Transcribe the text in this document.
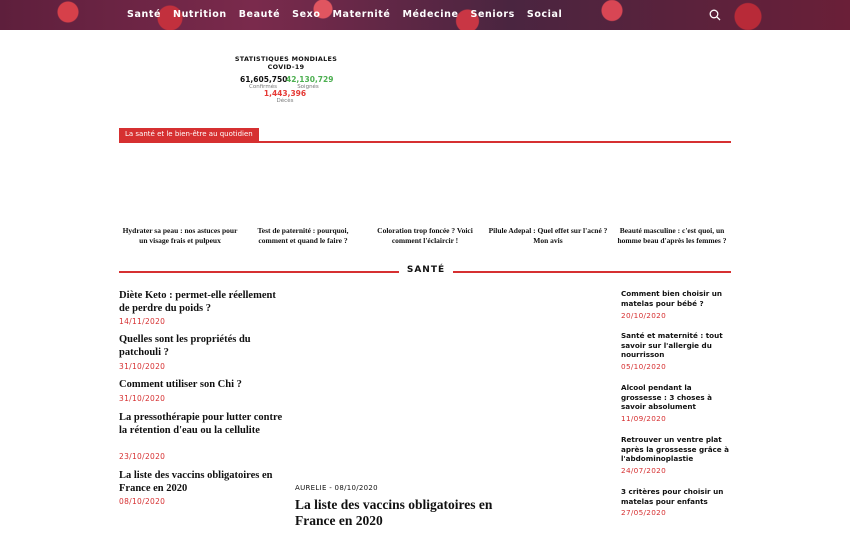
Santé Nutrition Beauté Sexo Maternité Médecine Seniors Social
STATISTIQUES MONDIALES COVID-19
61,605,750
Confirmés
42,130,729
Soignés
1,443,396
Décès
La santé et le bien-être au quotidien
Hydrater sa peau : nos astuces pour un visage frais et pulpeux
Test de paternité : pourquoi, comment et quand le faire ?
Coloration trop foncée ? Voici comment l'éclaircir !
Pilule Adepal : Quel effet sur l'acné ? Mon avis
Beauté masculine : c'est quoi, un homme beau d'après les femmes ?
SANTÉ
Diète Keto : permet-elle réellement de perdre du poids ?
14/11/2020
Quelles sont les propriétés du patchouli ?
31/10/2020
Comment utiliser son Chi ?
31/10/2020
La pressothérapie pour lutter contre la rétention d'eau ou la cellulite
23/10/2020
La liste des vaccins obligatoires en France en 2020
08/10/2020
AURELIE - 08/10/2020
La liste des vaccins obligatoires en France en 2020
Comment bien choisir un matelas pour bébé ?
20/10/2020
Santé et maternité : tout savoir sur l'allergie du nourrisson
05/10/2020
Alcool pendant la grossesse : 3 choses à savoir absolument
11/09/2020
Retrouver un ventre plat après la grossesse grâce à l'abdominoplastie
24/07/2020
3 critères pour choisir un matelas pour enfants
27/05/2020
